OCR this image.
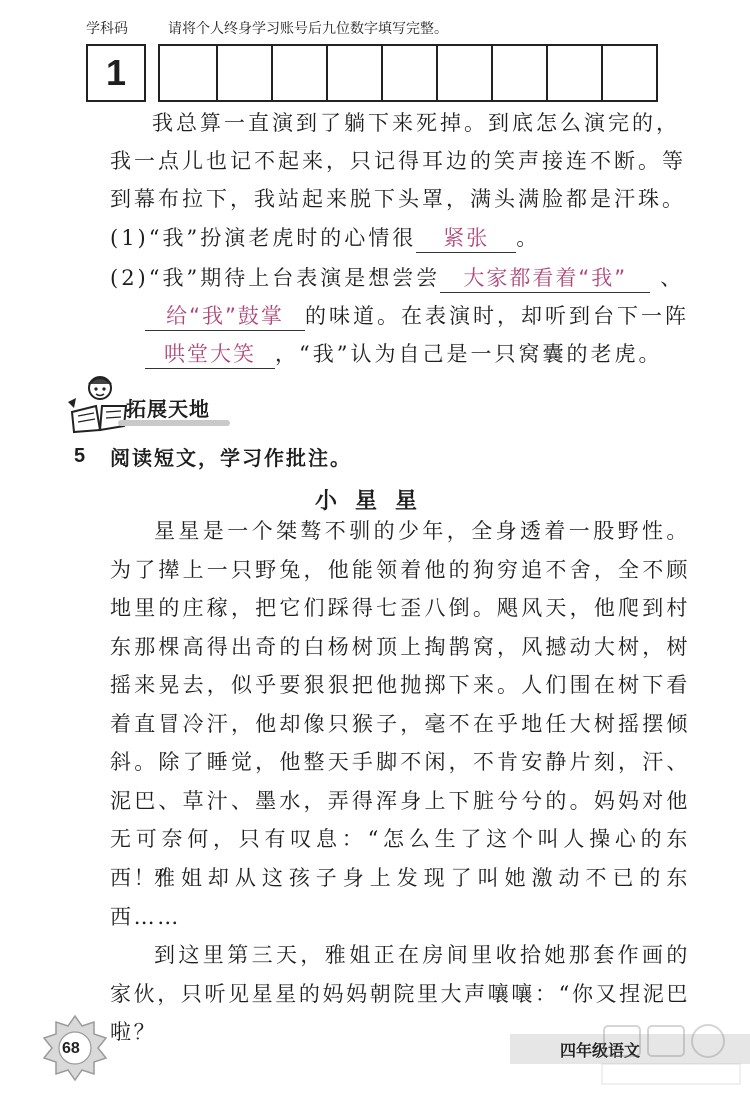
学科码	请将个人终身学习账号后九位数字填写完整。
1
我总算一直演到了躺下来死掉。到底怎么演完的，我一点儿也记不起来，只记得耳边的笑声接连不断。等到幕布拉下，我站起来脱下头罩，满头满脸都是汗珠。
(1)“我”扮演老虎时的心情很 紧张 。
(2)“我”期待上台表演是想尝尝 大家都看着“我” 、
给“我”鼓掌 的味道。在表演时，却听到台下一阵
哄堂大笑 ，“我”认为自己是一只窝囊的老虎。
拓展天地
5 阅读短文，学习作批注。
小星星
星星是一个桀骜不驯的少年，全身透着一股野性。为了撵上一只野兔，他能领着他的狗穷追不舍，全不顾地里的庄稼，把它们踩得七歪八倒。飓风天，他爬到村东那棵高得出奇的白杨树顶上掏鹊窝，风撼动大树，树摇来晃去，似乎要狠狠把他抛掷下来。人们围在树下看着直冒冷汗，他却像只猴子，毫不在乎地任大树摇摆倾斜。除了睡觉，他整天手脚不闲，不肯安静片刻，汗、泥巴、草汁、墨水，弄得浑身上下脏兮兮的。妈妈对他无可奈何，只有叹息：“怎么生了这个叫人操心的东西！”
雅姐却从这孩子身上发现了叫她激动不已的东西……
到这里第三天，雅姐正在房间里收拾她那套作画的家伙，只听见星星的妈妈朝院里大声嚷嚷：“你又捏泥巴啦？
68	四年级语文
